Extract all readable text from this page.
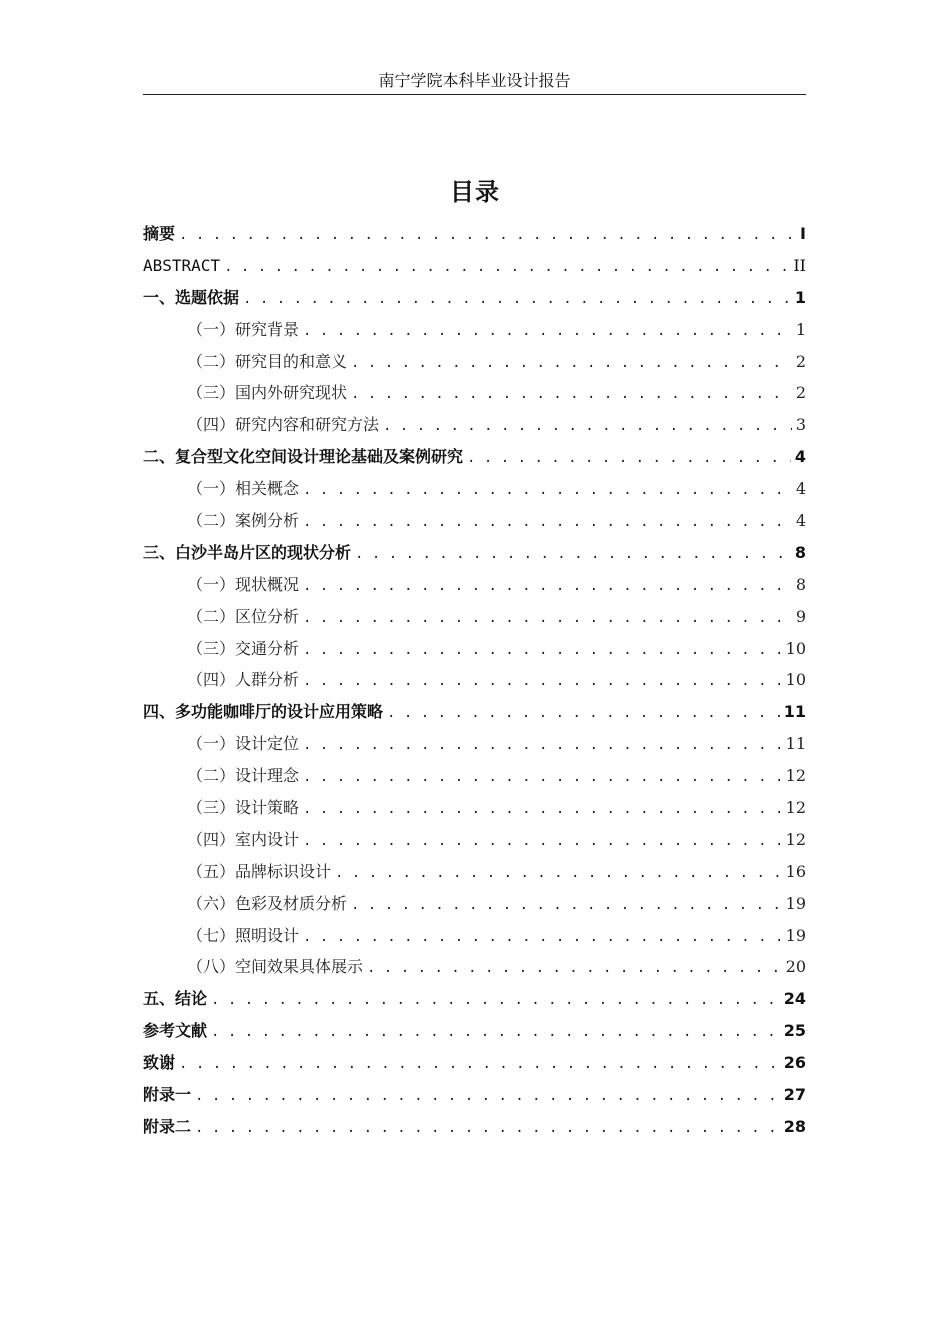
南宁学院本科毕业设计报告
目录
摘要 . . .	I
ABSTRACT . . .	II
一、选题依据 . . .	1
（一）研究背景 . . .	1
（二）研究目的和意义 . . .	2
（三）国内外研究现状 . . .	2
（四）研究内容和研究方法 . . .	3
二、复合型文化空间设计理论基础及案例研究 . . .	4
（一）相关概念 . . .	4
（二）案例分析 . . .	4
三、白沙半岛片区的现状分析 . . .	8
（一）现状概况 . . .	8
（二）区位分析 . . .	9
（三）交通分析 . . .	10
（四）人群分析 . . .	10
四、多功能咖啡厅的设计应用策略 . . .	11
（一）设计定位 . . .	11
（二）设计理念 . . .	12
（三）设计策略 . . .	12
（四）室内设计 . . .	12
（五）品牌标识设计 . . .	16
（六）色彩及材质分析 . . .	19
（七）照明设计 . . .	19
（八）空间效果具体展示 . . .	20
五、结论 . . .	24
参考文献 . . .	25
致谢 . . .	26
附录一 . . .	27
附录二 . . .	28
